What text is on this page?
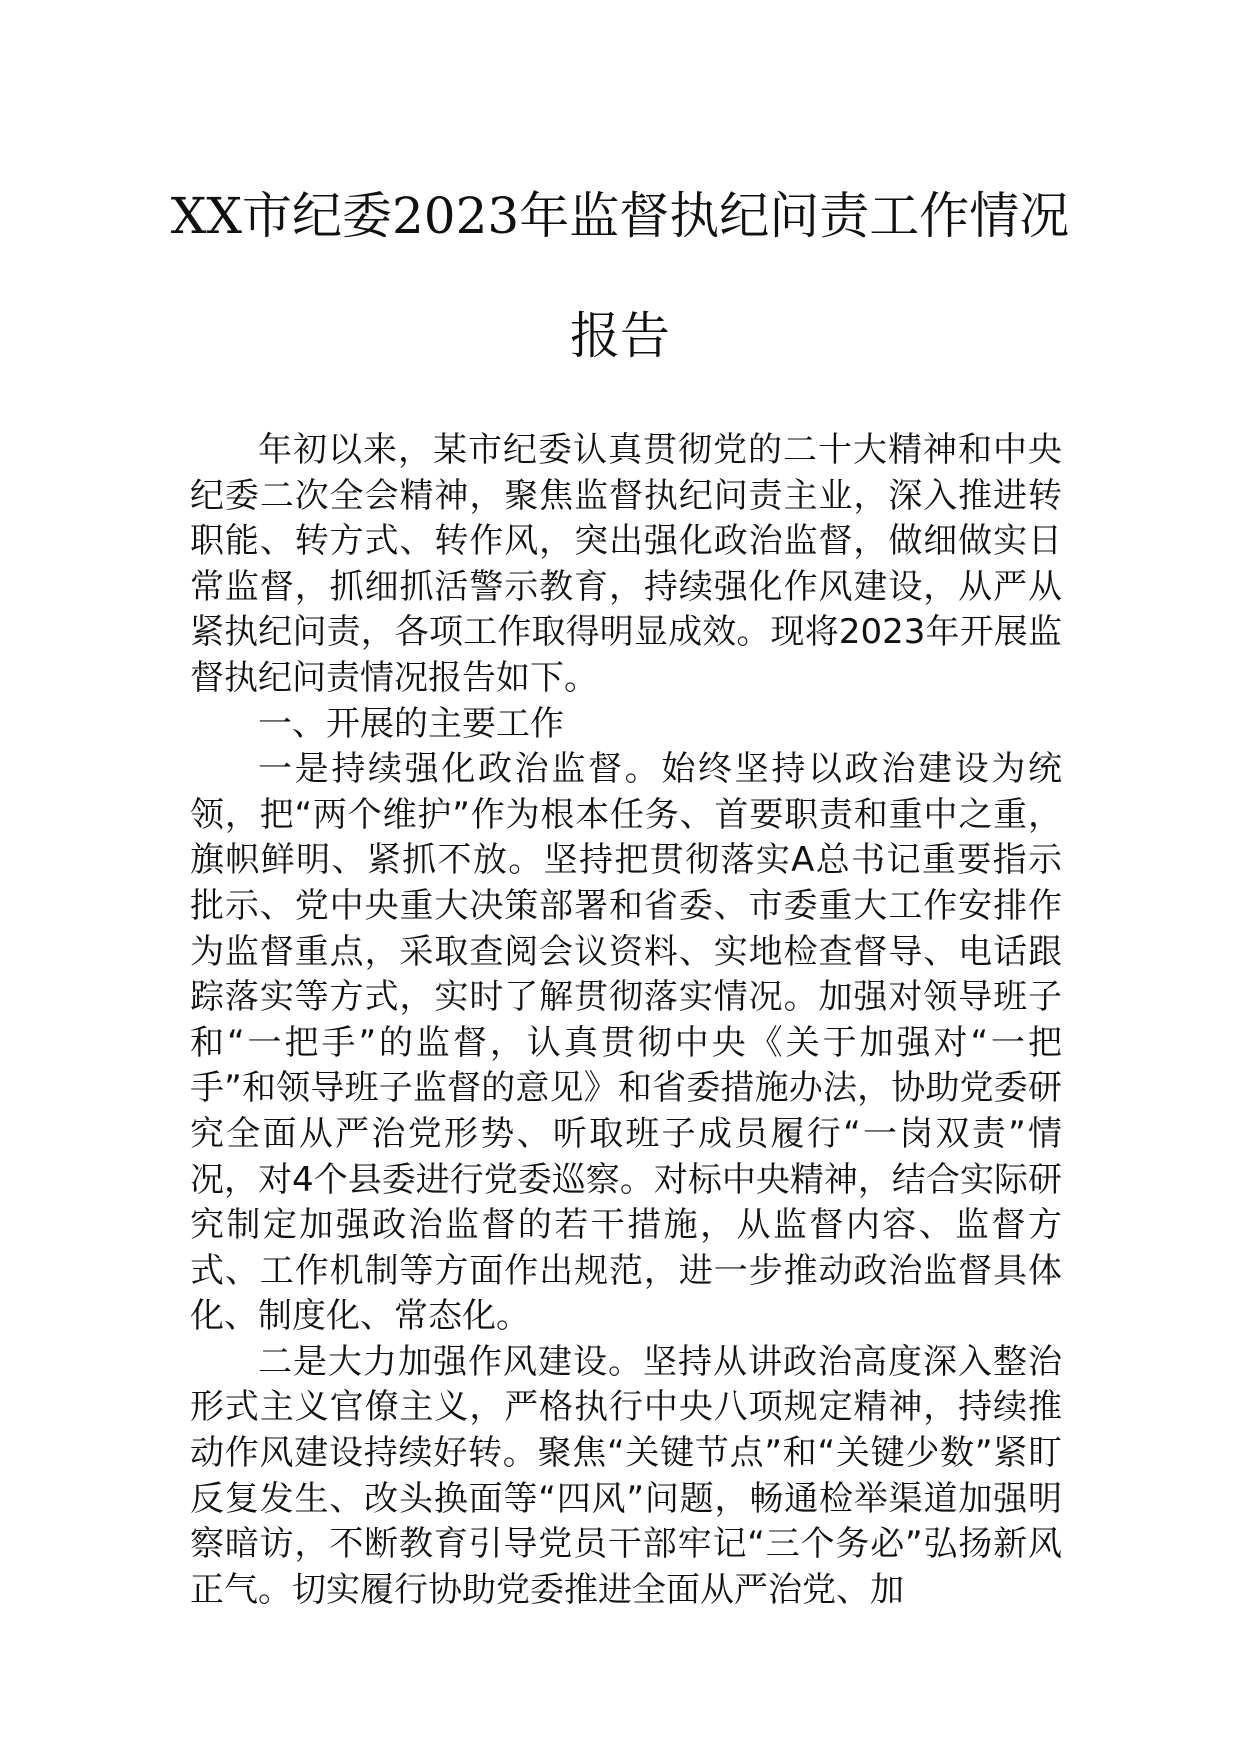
XX市纪委2023年监督执纪问责工作情况
报告

年初以来，某市纪委认真贯彻党的二十大精神和中央纪委二次全会精神，聚焦监督执纪问责主业，深入推进转职能、转方式、转作风，突出强化政治监督，做细做实日常监督，抓细抓活警示教育，持续强化作风建设，从严从紧执纪问责，各项工作取得明显成效。现将2023年开展监督执纪问责情况报告如下。

一、开展的主要工作

一是持续强化政治监督。始终坚持以政治建设为统领，把“两个维护”作为根本任务、首要职责和重中之重，旗帜鲜明、紧抓不放。坚持把贯彻落实A总书记重要指示批示、党中央重大决策部署和省委、市委重大工作安排作为监督重点，采取查阅会议资料、实地检查督导、电话跟踪落实等方式，实时了解贯彻落实情况。加强对领导班子和“一把手”的监督，认真贯彻中央《关于加强对“一把手”和领导班子监督的意见》和省委措施办法，协助党委研究全面从严治党形势、听取班子成员履行“一岗双责”情况，对4个县委进行党委巡察。对标中央精神，结合实际研究制定加强政治监督的若干措施，从监督内容、监督方式、工作机制等方面作出规范，进一步推动政治监督具体化、制度化、常态化。

二是大力加强作风建设。坚持从讲政治高度深入整治形式主义官僚主义，严格执行中央八项规定精神，持续推动作风建设持续好转。聚焦“关键节点”和“关键少数”紧盯反复发生、改头换面等“四风”问题，畅通检举渠道加强明察暗访，不断教育引导党员干部牢记“三个务必”弘扬新风正气。切实履行协助党委推进全面从严治党、加
